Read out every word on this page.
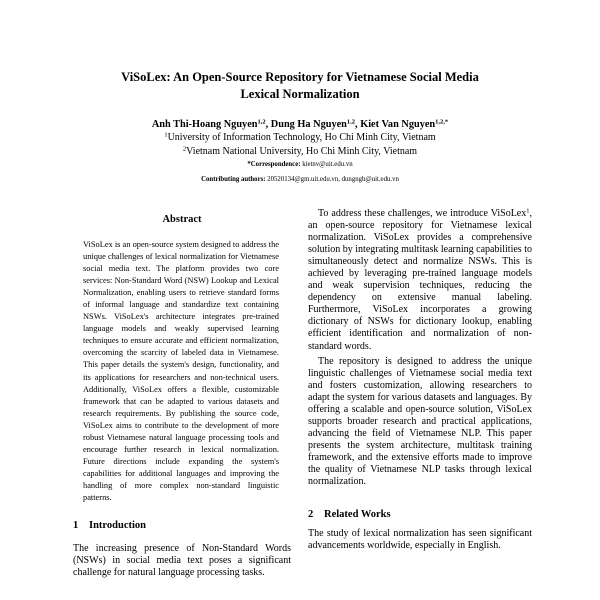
ViSoLex: An Open-Source Repository for Vietnamese Social Media
Lexical Normalization
Anh Thi-Hoang Nguyen$^{1,2}$, Dung Ha Nguyen$^{1,2}$, Kiet Van Nguyen$^{1,2,*}$
$^1$University of Information Technology, Ho Chi Minh City, Vietnam
$^2$Vietnam National University, Ho Chi Minh City, Vietnam
*Correspondence: kietnv@uit.edu.vn
Contributing authors: 20520134@gm.uit.edu.vn, dungngh@uit.edu.vn
Abstract
ViSoLex is an open-source system designed to address the unique challenges of lexical normalization for Vietnamese social media text. The platform provides two core services: Non-Standard Word (NSW) Lookup and Lexical Normalization, enabling users to retrieve standard forms of informal language and standardize text containing NSWs. ViSoLex's architecture integrates pre-trained language models and weakly supervised learning techniques to ensure accurate and efficient normalization, overcoming the scarcity of labeled data in Vietnamese. This paper details the system's design, functionality, and its applications for researchers and non-technical users. Additionally, ViSoLex offers a flexible, customizable framework that can be adapted to various datasets and research requirements. By publishing the source code, ViSoLex aims to contribute to the development of more robust Vietnamese natural language processing tools and encourage further research in lexical normalization. Future directions include expanding the system's capabilities for additional languages and improving the handling of more complex non-standard linguistic patterns.
1 Introduction

The increasing presence of Non-Standard Words (NSWs) in social media text poses a significant challenge for natural language processing tasks.

To address these challenges, we introduce ViSoLex$^1$, an open-source repository for Vietnamese lexical normalization. ViSoLex provides a comprehensive solution by integrating multitask learning capabilities to simultaneously detect and normalize NSWs. This is achieved by leveraging pre-trained language models and weak supervision techniques, reducing the dependency on extensive manual labeling. Furthermore, ViSoLex incorporates a growing dictionary of NSWs for dictionary lookup, enabling efficient identification and normalization of non-standard words.

The repository is designed to address the unique linguistic challenges of Vietnamese social media text and fosters customization, allowing researchers to adapt the system for various datasets and languages. By offering a scalable and open-source solution, ViSoLex supports broader research and practical applications, advancing the field of Vietnamese NLP. This paper presents the system architecture, multitask training framework, and the extensive efforts made to improve the quality of Vietnamese NLP tasks through lexical normalization.

2 Related Works

The study of lexical normalization has seen significant advancements worldwide, especially in English.
